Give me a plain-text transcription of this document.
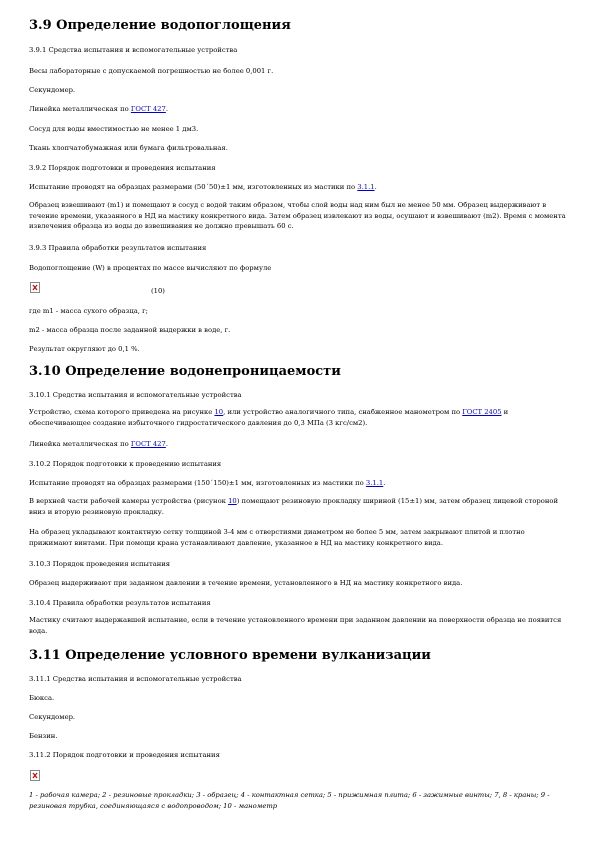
3.9 Определение водопоглощения
3.9.1 Средства испытания и вспомогательные устройства
Весы лабораторные с допускаемой погрешностью не более 0,001 г.
Секундомер.
Линейка металлическая по ГОСТ 427.
Сосуд для воды вместимостью не менее 1 дм3.
Ткань хлопчатобумажная или бумага фильтровальная.
3.9.2 Порядок подготовки и проведения испытания
Испытание проводят на образцах размерами (50´50)±1 мм, изготовленных из мастики по 3.1.1.
Образец взвешивают (m1) и помещают в сосуд с водой таким образом, чтобы слой воды над ним был не менее 50 мм. Образец выдерживают в течение времени, указанного в НД на мастику конкретного вида. Затем образец извлекают из воды, осушают и взвешивают (m2). Время с момента извлечения образца из воды до взвешивания не должно превышать 60 с.
3.9.3 Правила обработки результатов испытания
Водопоглощение (W) в процентах по массе вычисляют по формуле
(10)
где m1 - масса сухого образца, г;
m2 - масса образца после заданной выдержки в воде, г.
Результат округляют до 0,1 %.
3.10 Определение водонепроницаемости
3.10.1 Средства испытания и вспомогательные устройства
Устройство, схема которого приведена на рисунке 10, или устройство аналогичного типа, снабженное манометром по ГОСТ 2405 и обеспечивающее создание избыточного гидростатического давления до 0,3 МПа (3 кгс/см2).
Линейка металлическая по ГОСТ 427.
3.10.2 Порядок подготовки к проведению испытания
Испытание проводят на образцах размерами (150´150)±1 мм, изготовленных из мастики по 3.1.1.
В верхней части рабочей камеры устройства (рисунок 10) помещают резиновую прокладку шириной (15±1) мм, затем образец лицевой стороной вниз и вторую резиновую прокладку.
На образец укладывают контактную сетку толщиной 3-4 мм с отверстиями диаметром не более 5 мм, затем закрывают плитой и плотно прижимают винтами. При помощи крана устанавливают давление, указанное в НД на мастику конкретного вида.
3.10.3 Порядок проведения испытания
Образец выдерживают при заданном давлении в течение времени, установленного в НД на мастику конкретного вида.
3.10.4 Правила обработки результатов испытания
Мастику считают выдержавшей испытание, если в течение установленного времени при заданном давлении на поверхности образца не появится вода.
3.11 Определение условного времени вулканизации
3.11.1 Средства испытания и вспомогательные устройства
Бюкса.
Секундомер.
Бензин.
3.11.2 Порядок подготовки и проведения испытания
1 - рабочая камера; 2 - резиновые прокладки; 3 - образец; 4 - контактная сетка; 5 - прижимная плита; 6 - зажимные винты; 7, 8 - краны; 9 - резиновая трубка, соединяющаяся с водопроводом; 10 - манометр
